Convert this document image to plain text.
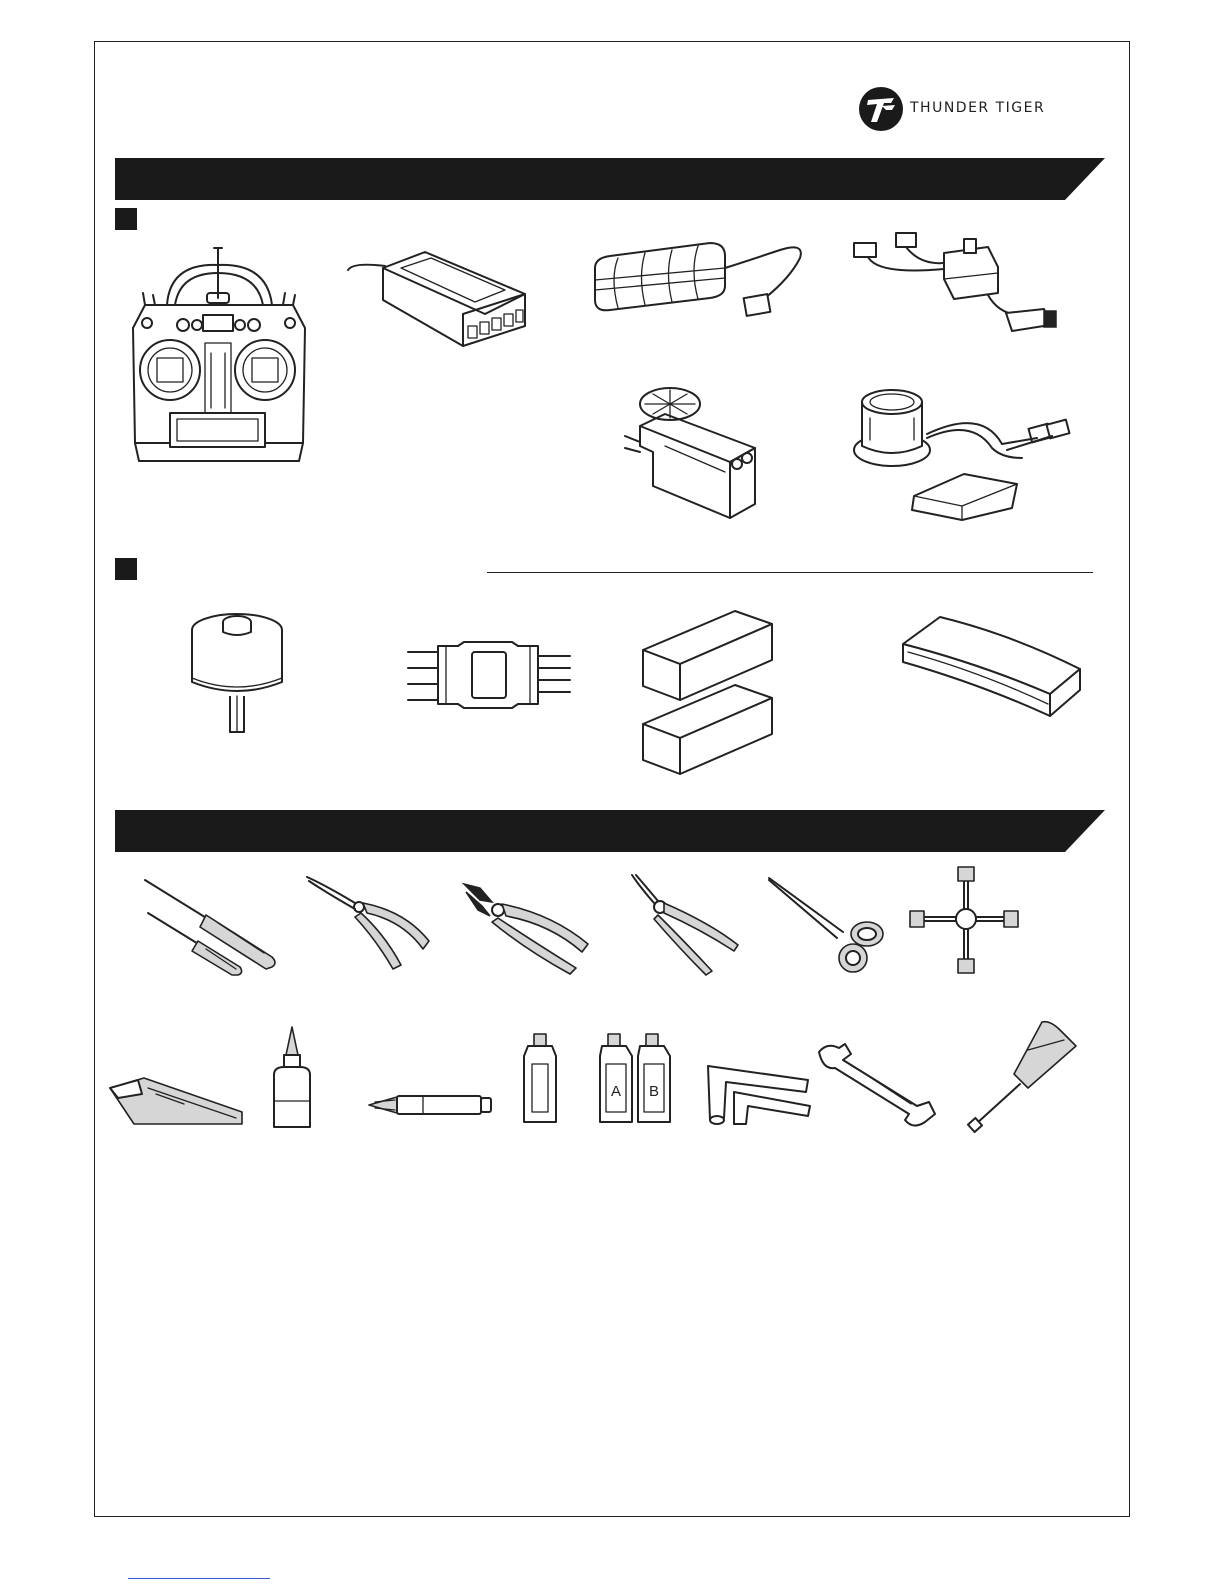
THUNDER TIGER
A B
